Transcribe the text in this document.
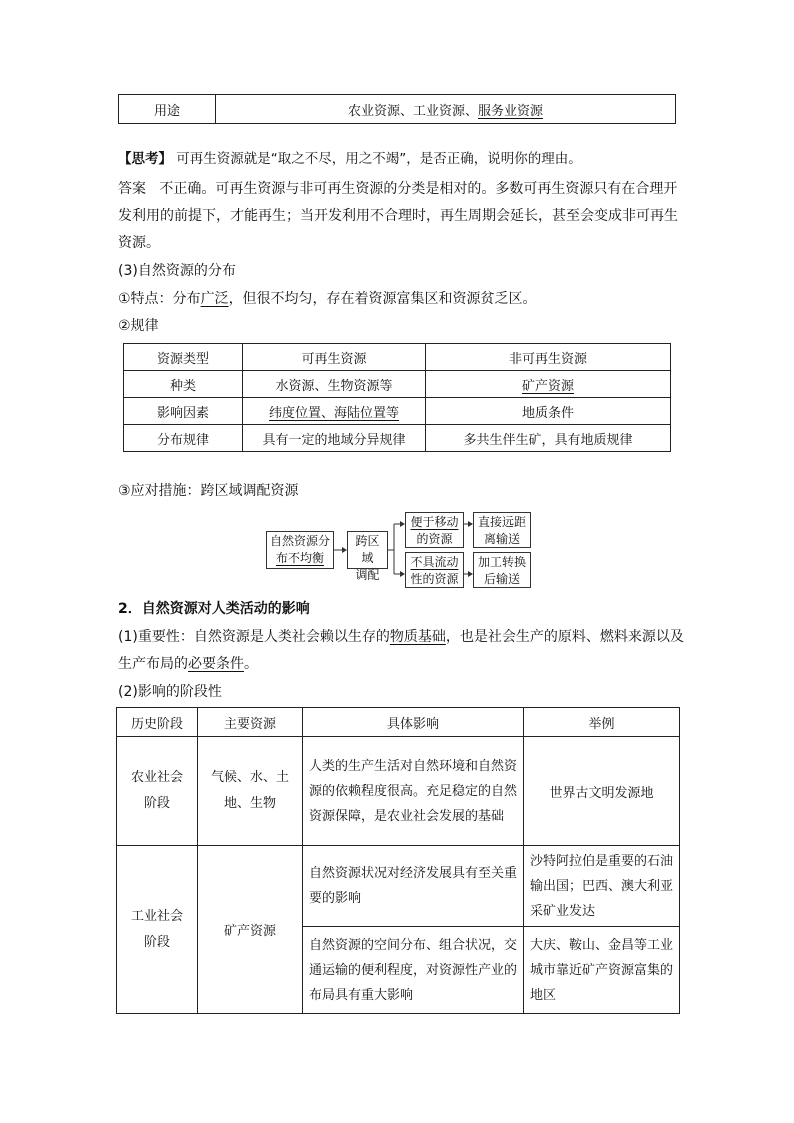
用途	农业资源、工业资源、服务业资源
【思考】 可再生资源就是“取之不尽，用之不竭”，是否正确，说明你的理由。
答案 不正确。可再生资源与非可再生资源的分类是相对的。多数可再生资源只有在合理开
发利用的前提下，才能再生；当开发利用不合理时，再生周期会延长，甚至会变成非可再生
资源。
(3)自然资源的分布
①特点：分布广泛，但很不均匀，存在着资源富集区和资源贫乏区。
②规律
资源类型	可再生资源	非可再生资源
种类	水资源、生物资源等	矿产资源
影响因素	纬度位置、海陆位置等	地质条件
分布规律	具有一定的地域分异规律	多共生伴生矿，具有地质规律
③应对措施：跨区域调配资源
自然资源分
布不均衡
跨区域
调配
便于移动
的资源
不具流动
性的资源
直接远距
离输送
加工转换
后输送
2．自然资源对人类活动的影响
(1)重要性：自然资源是人类社会赖以生存的物质基础，也是社会生产的原料、燃料来源以及
生产布局的必要条件。
(2)影响的阶段性
历史阶段	主要资源	具体影响	举例
农业社会阶段	气候、水、土地、生物	人类的生产生活对自然环境和自然资源的依赖程度很高。充足稳定的自然资源保障，是农业社会发展的基础	世界古文明发源地
工业社会阶段	矿产资源	自然资源状况对经济发展具有至关重要的影响	沙特阿拉伯是重要的石油输出国；巴西、澳大利亚采矿业发达
		自然资源的空间分布、组合状况，交通运输的便利程度，对资源性产业的布局具有重大影响	大庆、鞍山、金昌等工业城市靠近矿产资源富集的地区
